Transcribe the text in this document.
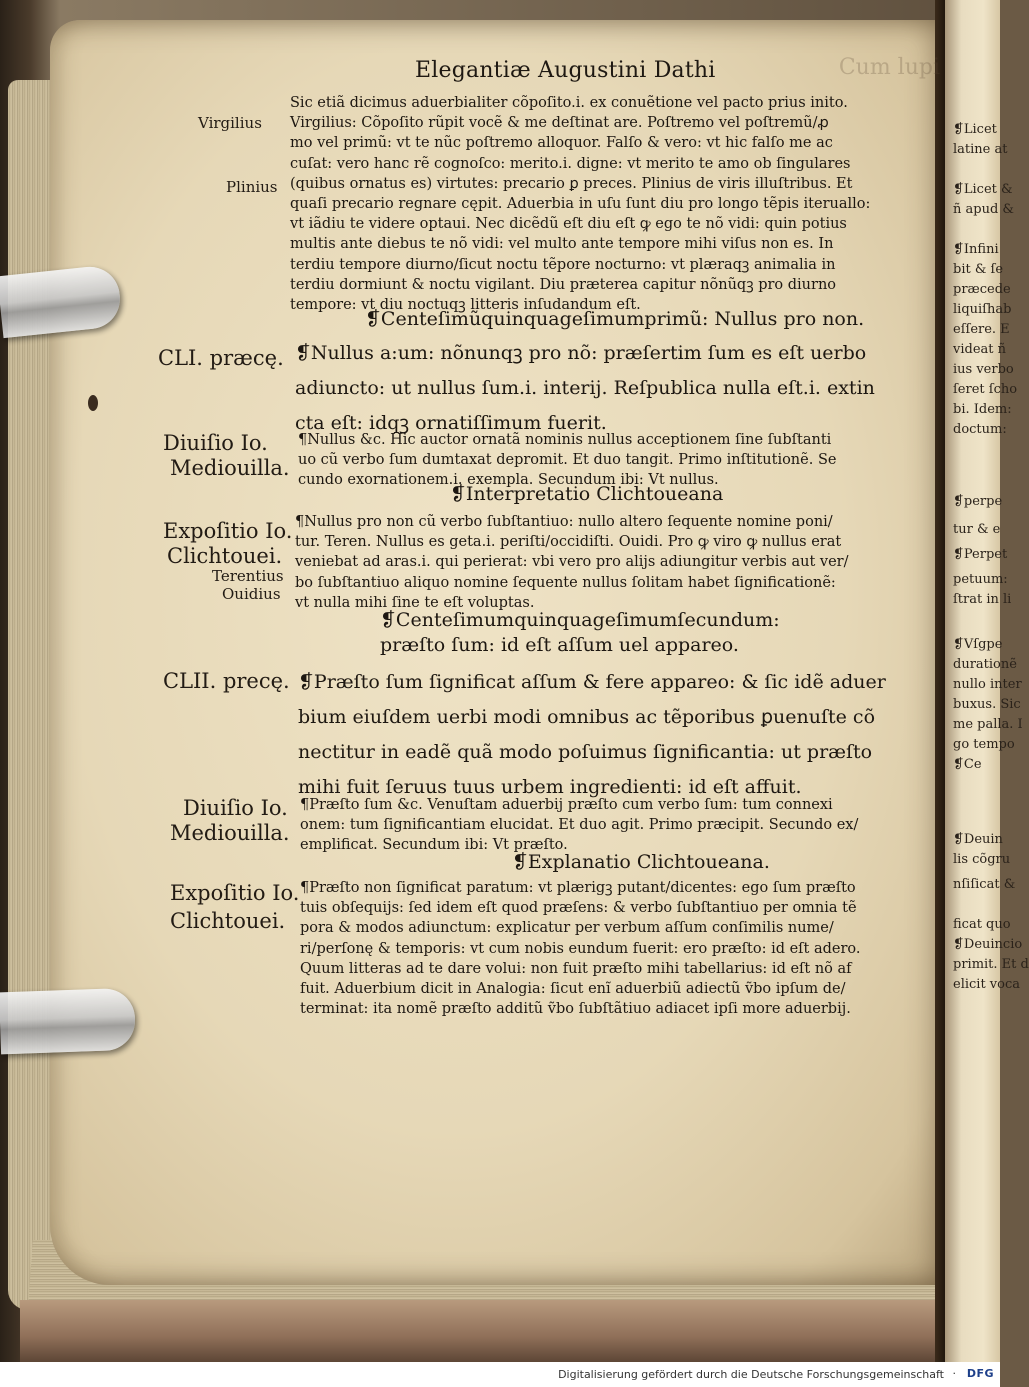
❡Licet
latine at
❡Licet &
ñ apud &
❡Infini
bit & ſe
præcede
liquiſhab
eſſere. E
videat ñ
ius verbo
ſeret ſcho
bi. Idem:
doctum:
❡perpe
tur & e
❡Perpet
petuum:
ſtrat in li
❡Vſgpe
durationẽ
nullo inter
buxus. Sic
me palla. I
go tempo
❡Ce
❡Deuin
lis cõgru
nſiſicat &
ficat quo
❡Deuincio
primit. Et d
elicit voca
Cum lupi
Elegantiæ Augustini Dathi
Sic etiã dicimus aduerbialiter cõpoſito.i. ex conuẽtione vel pacto prius inito.
Virgilius: Cõpoſito rũpit vocẽ & me deſtinat are. Poſtremo vel poſtremũ/ꝓ
mo vel primũ: vt te nũc poſtremo alloquor. Falſo & vero: vt hic falſo me ac
cuſat: vero hanc rẽ cognoſco: merito.i. digne: vt merito te amo ob ſingulares
(quibus ornatus es) virtutes: precario ꝑ preces. Plinius de viris illuſtribus. Et
quaſi precario regnare cępit. Aduerbia in uſu ſunt diu pro longo tẽpis iteruallo:
vt iãdiu te videre optaui. Nec dicẽdũ eſt diu eſt ꝙ ego te nõ vidi: quin potius
multis ante diebus te nõ vidi: vel multo ante tempore mihi viſus non es. In
terdiu tempore diurno/ſicut noctu tẽpore nocturno: vt plæraqꝫ animalia in
terdiu dormiunt & noctu vigilant. Diu præterea capitur nõnũqꝫ pro diurno
tempore: vt diu noctuqꝫ litteris inſudandum eſt.
❡Centeſimũquinquageſimumprimũ: Nullus pro non.
❡Nullus a:um: nõnunqꝫ pro nõ: præſertim ſum es eſt uerbo
adiuncto: ut nullus ſum.i. interij. Reſpublica nulla eſt.i. extin
cta eſt: idqꝫ ornatiſſimum fuerit.
¶Nullus &c. Hic auctor ornatã nominis nullus acceptionem ſine ſubſtanti
uo cũ verbo ſum dumtaxat depromit. Et duo tangit. Primo inſtitutionẽ. Se
cundo exornationem.i. exempla. Secundum ibi: Vt nullus.
❡Interpretatio Clichtoueana
¶Nullus pro non cũ verbo ſubſtantiuo: nullo altero ſequente nomine poni/
tur. Teren. Nullus es geta.i. periſti/occidiſti. Ouidi. Pro ꝙ viro ꝙ nullus erat
veniebat ad aras.i. qui perierat: vbi vero pro alijs adiungitur verbis aut ver/
bo ſubſtantiuo aliquo nomine ſequente nullus ſolitam habet ſignificationẽ:
vt nulla mihi ſine te eſt voluptas.
❡Centeſimumquinquageſimumſecundum:
præſto ſum: id eſt aſſum uel appareo.
❡Præſto ſum ſignificat aſſum & fere appareo: & ſic idẽ aduer
bium eiuſdem uerbi modi omnibus ac tẽporibus ꝑuenuſte cõ
nectitur in eadẽ quã modo poſuimus ſignificantia: ut præſto
mihi fuit ſeruus tuus urbem ingredienti: id eſt affuit.
¶Præſto ſum &c. Venuſtam aduerbij præſto cum verbo ſum: tum connexi
onem: tum ſignificantiam elucidat. Et duo agit. Primo præcipit. Secundo ex/
emplificat. Secundum ibi: Vt præſto.
❡Explanatio Clichtoueana.
¶Præſto non ſignificat paratum: vt plærigꝫ putant/dicentes: ego ſum præſto
tuis obſequijs: ſed idem eſt quod præſens: & verbo ſubſtantiuo per omnia tẽ
pora & modos adiunctum: explicatur per verbum aſſum conſimilis nume/
ri/perſonę & temporis: vt cum nobis eundum fuerit: ero præſto: id eſt adero.
Quum litteras ad te dare volui: non fuit præſto mihi tabellarius: id eſt nõ af
fuit. Aduerbium dicit in Analogia: ſicut enĩ aduerbiũ adiectũ ṽbo ipſum de/
terminat: ita nomẽ præſto additũ ṽbo ſubſtãtiuo adiacet ipſi more aduerbij.
Virgilius
Plinius
CLI. præcę.
Diuiſio Io.
Mediouilla.
Expoſitio Io.
Clichtouei.
Terentius
Ouidius
CLII. precę.
Diuiſio Io.
Mediouilla.
Expoſitio Io.
Clichtouei.
Digitalisierung gefördert durch die Deutsche Forschungsgemeinschaft · DFG
